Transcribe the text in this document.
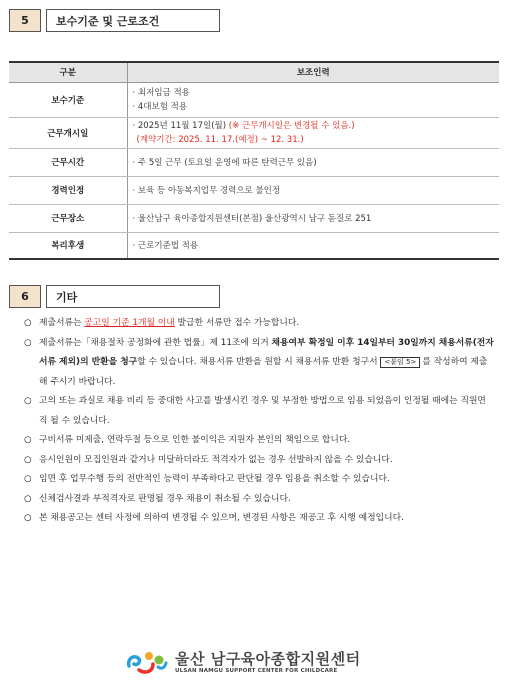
5	보수기준 및 근로조건
구분	보조인력
보수기준	· 최저임금 적용
· 4대보험 적용

근무개시일	· 2025년 11월 17일(월) (※ 근무개시일은 변경될 수 있음.)
(계약기간: 2025. 11. 17.(예정) ~ 12. 31.)

근무시간	· 주 5일 근무 (토요일 운영에 따른 탄력근무 있음)
경력인정	· 보육 등 아동복지업무 경력으로 불인정
근무장소	· 울산남구 육아종합지원센터(본점) 울산광역시 남구 돋질로 251
복리후생	· 근로기준법 적용
6	기타
○ 제출서류는 공고일 기준 1개월 이내 발급한 서류만 접수 가능합니다.
○ 제출서류는「채용절차 공정화에 관한 법률」제 11조에 의거 채용여부 확정일 이후 14일부터 30일까지 채용서류(전자서류 제외)의 반환을 청구할 수 있습니다. 채용서류 반환을 원할 시 채용서류 반환 청구서 <붙임 5> 를 작성하여 제출해 주시기 바랍니다.
○ 고의 또는 과실로 채용 비리 등 중대한 사고를 발생시킨 경우 및 부정한 방법으로 임용 되었음이 인정될 때에는 직원면직 될 수 있습니다.
○ 구비서류 미제출, 연락두절 등으로 인한 불이익은 지원자 본인의 책임으로 합니다.
○ 응시인원이 모집인원과 같거나 미달하더라도 적격자가 없는 경우 선발하지 않을 수 있습니다.
○ 임면 후 업무수행 등의 전반적인 능력이 부족하다고 판단될 경우 임용을 취소할 수 있습니다.
○ 신체검사결과 부적격자로 판명될 경우 채용이 취소될 수 있습니다.
○ 본 채용공고는 센터 사정에 의하여 변경될 수 있으며, 변경된 사항은 재공고 후 시행 예정입니다.
울산 남구육아종합지원센터
ULSAN NAMGU SUPPORT CENTER FOR CHILDCARE
